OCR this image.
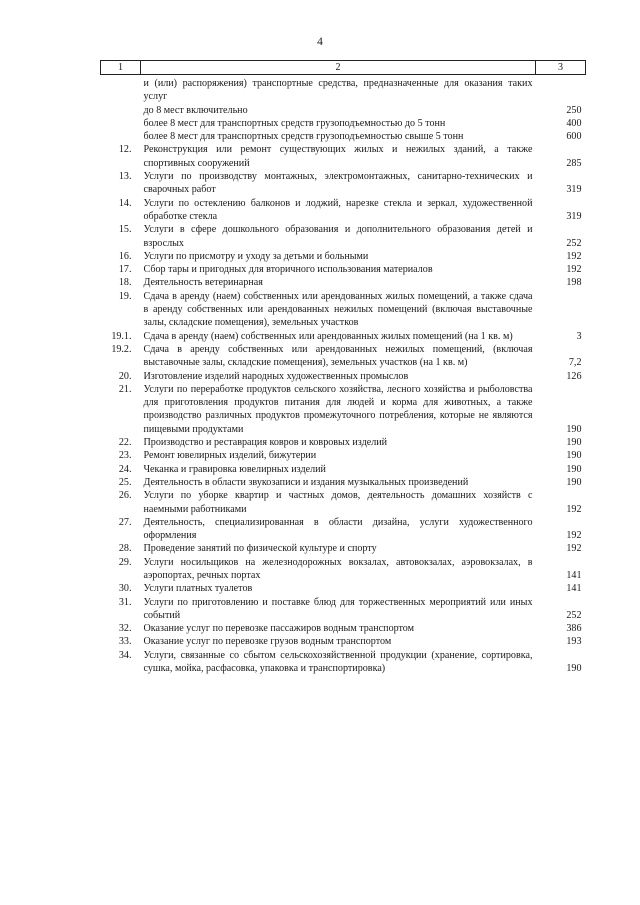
4
1	2	3
	и (или) распоряжения) транспортные средства, предназначенные для оказания таких услуг	
	до 8 мест включительно	250
	более 8 мест для транспортных средств грузоподъемностью до 5 тонн	400
	более 8 мест для транспортных средств грузоподъемностью свыше 5 тонн	600
12.	Реконструкция или ремонт существующих жилых и нежилых зданий, а также спортивных сооружений	285
13.	Услуги по производству монтажных, электромонтажных, санитарно-технических и сварочных работ	319
14.	Услуги по остеклению балконов и лоджий, нарезке стекла и зеркал, художественной обработке стекла	319
15.	Услуги в сфере дошкольного образования и дополнительного образования детей и взрослых	252
16.	Услуги по присмотру и уходу за детьми и больными	192
17.	Сбор тары и пригодных для вторичного использования материалов	192
18.	Деятельность ветеринарная	198
19.	Сдача в аренду (наем) собственных или арендованных жилых помещений, а также сдача в аренду собственных или арендованных нежилых помещений (включая выставочные залы, складские помещения), земельных участков	
19.1.	Сдача в аренду (наем) собственных или арендованных жилых помещений (на 1 кв. м)	3
19.2.	Сдача в аренду собственных или арендованных нежилых помещений, (включая выставочные залы, складские помещения), земельных участков (на 1 кв. м)	7,2
20.	Изготовление изделий народных художественных промыслов	126
21.	Услуги по переработке продуктов сельского хозяйства, лесного хозяйства и рыболовства для приготовления продуктов питания для людей и корма для животных, а также производство различных продуктов промежуточного потребления, которые не являются пищевыми продуктами	190
22.	Производство и реставрация ковров и ковровых изделий	190
23.	Ремонт ювелирных изделий, бижутерии	190
24.	Чеканка и гравировка ювелирных изделий	190
25.	Деятельность в области звукозаписи и издания музыкальных произведений	190
26.	Услуги по уборке квартир и частных домов, деятельность домашних хозяйств с наемными работниками	192
27.	Деятельность, специализированная в области дизайна, услуги художественного оформления	192
28.	Проведение занятий по физической культуре и спорту	192
29.	Услуги носильщиков на железнодорожных вокзалах, автовокзалах, аэровокзалах, в аэропортах, речных портах	141
30.	Услуги платных туалетов	141
31.	Услуги по приготовлению и поставке блюд для торжественных мероприятий или иных событий	252
32.	Оказание услуг по перевозке пассажиров водным транспортом	386
33.	Оказание услуг по перевозке грузов водным транспортом	193
34.	Услуги, связанные со сбытом сельскохозяйственной продукции (хранение, сортировка, сушка, мойка, расфасовка, упаковка и транспортировка)	190
